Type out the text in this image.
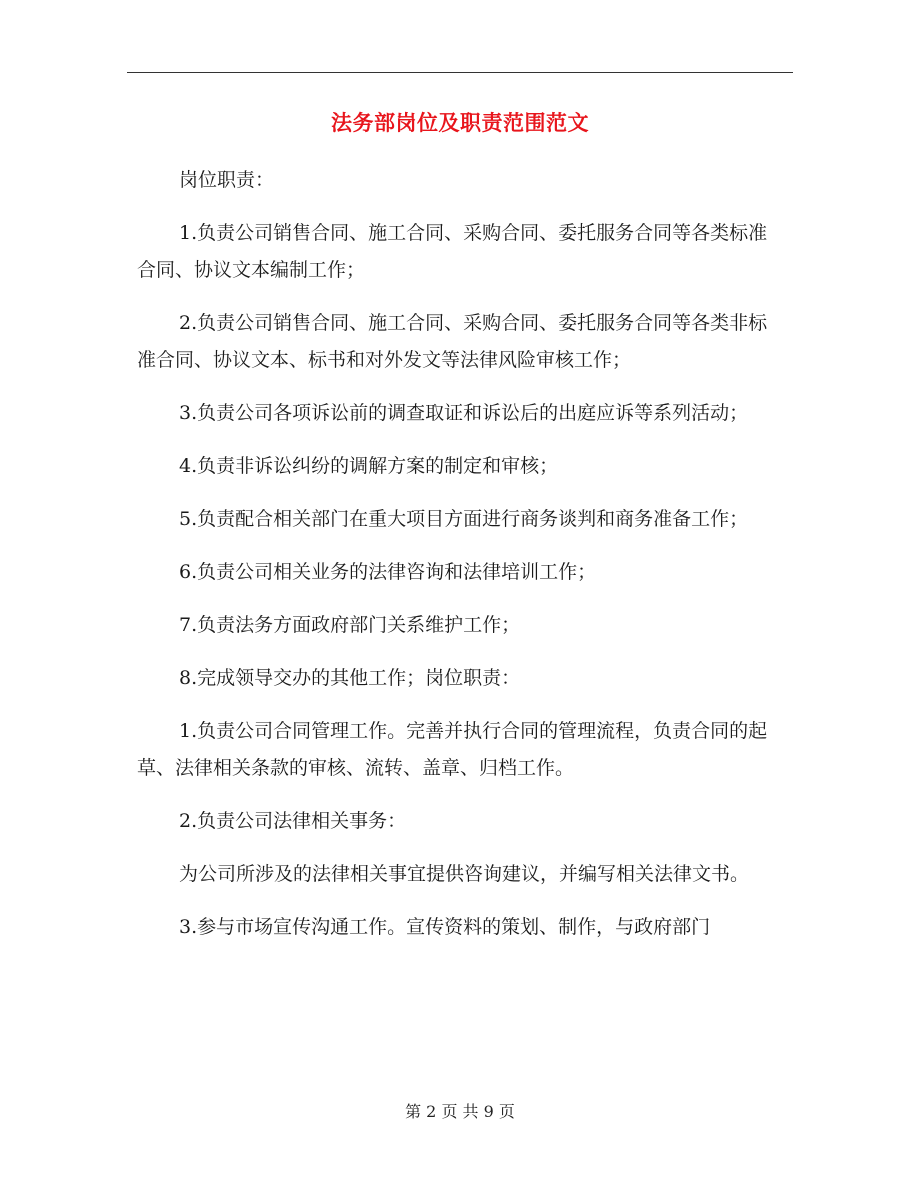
法务部岗位及职责范围范文

岗位职责：

1.负责公司销售合同、施工合同、采购合同、委托服务合同等各类标准合同、协议文本编制工作；

2.负责公司销售合同、施工合同、采购合同、委托服务合同等各类非标准合同、协议文本、标书和对外发文等法律风险审核工作；

3.负责公司各项诉讼前的调查取证和诉讼后的出庭应诉等系列活动；

4.负责非诉讼纠纷的调解方案的制定和审核；

5.负责配合相关部门在重大项目方面进行商务谈判和商务准备工作；

6.负责公司相关业务的法律咨询和法律培训工作；

7.负责法务方面政府部门关系维护工作；

8.完成领导交办的其他工作；岗位职责：

1.负责公司合同管理工作。完善并执行合同的管理流程，负责合同的起草、法律相关条款的审核、流转、盖章、归档工作。

2.负责公司法律相关事务：

为公司所涉及的法律相关事宜提供咨询建议，并编写相关法律文书。

3.参与市场宣传沟通工作。宣传资料的策划、制作，与政府部门

第 2 页 共 9 页
